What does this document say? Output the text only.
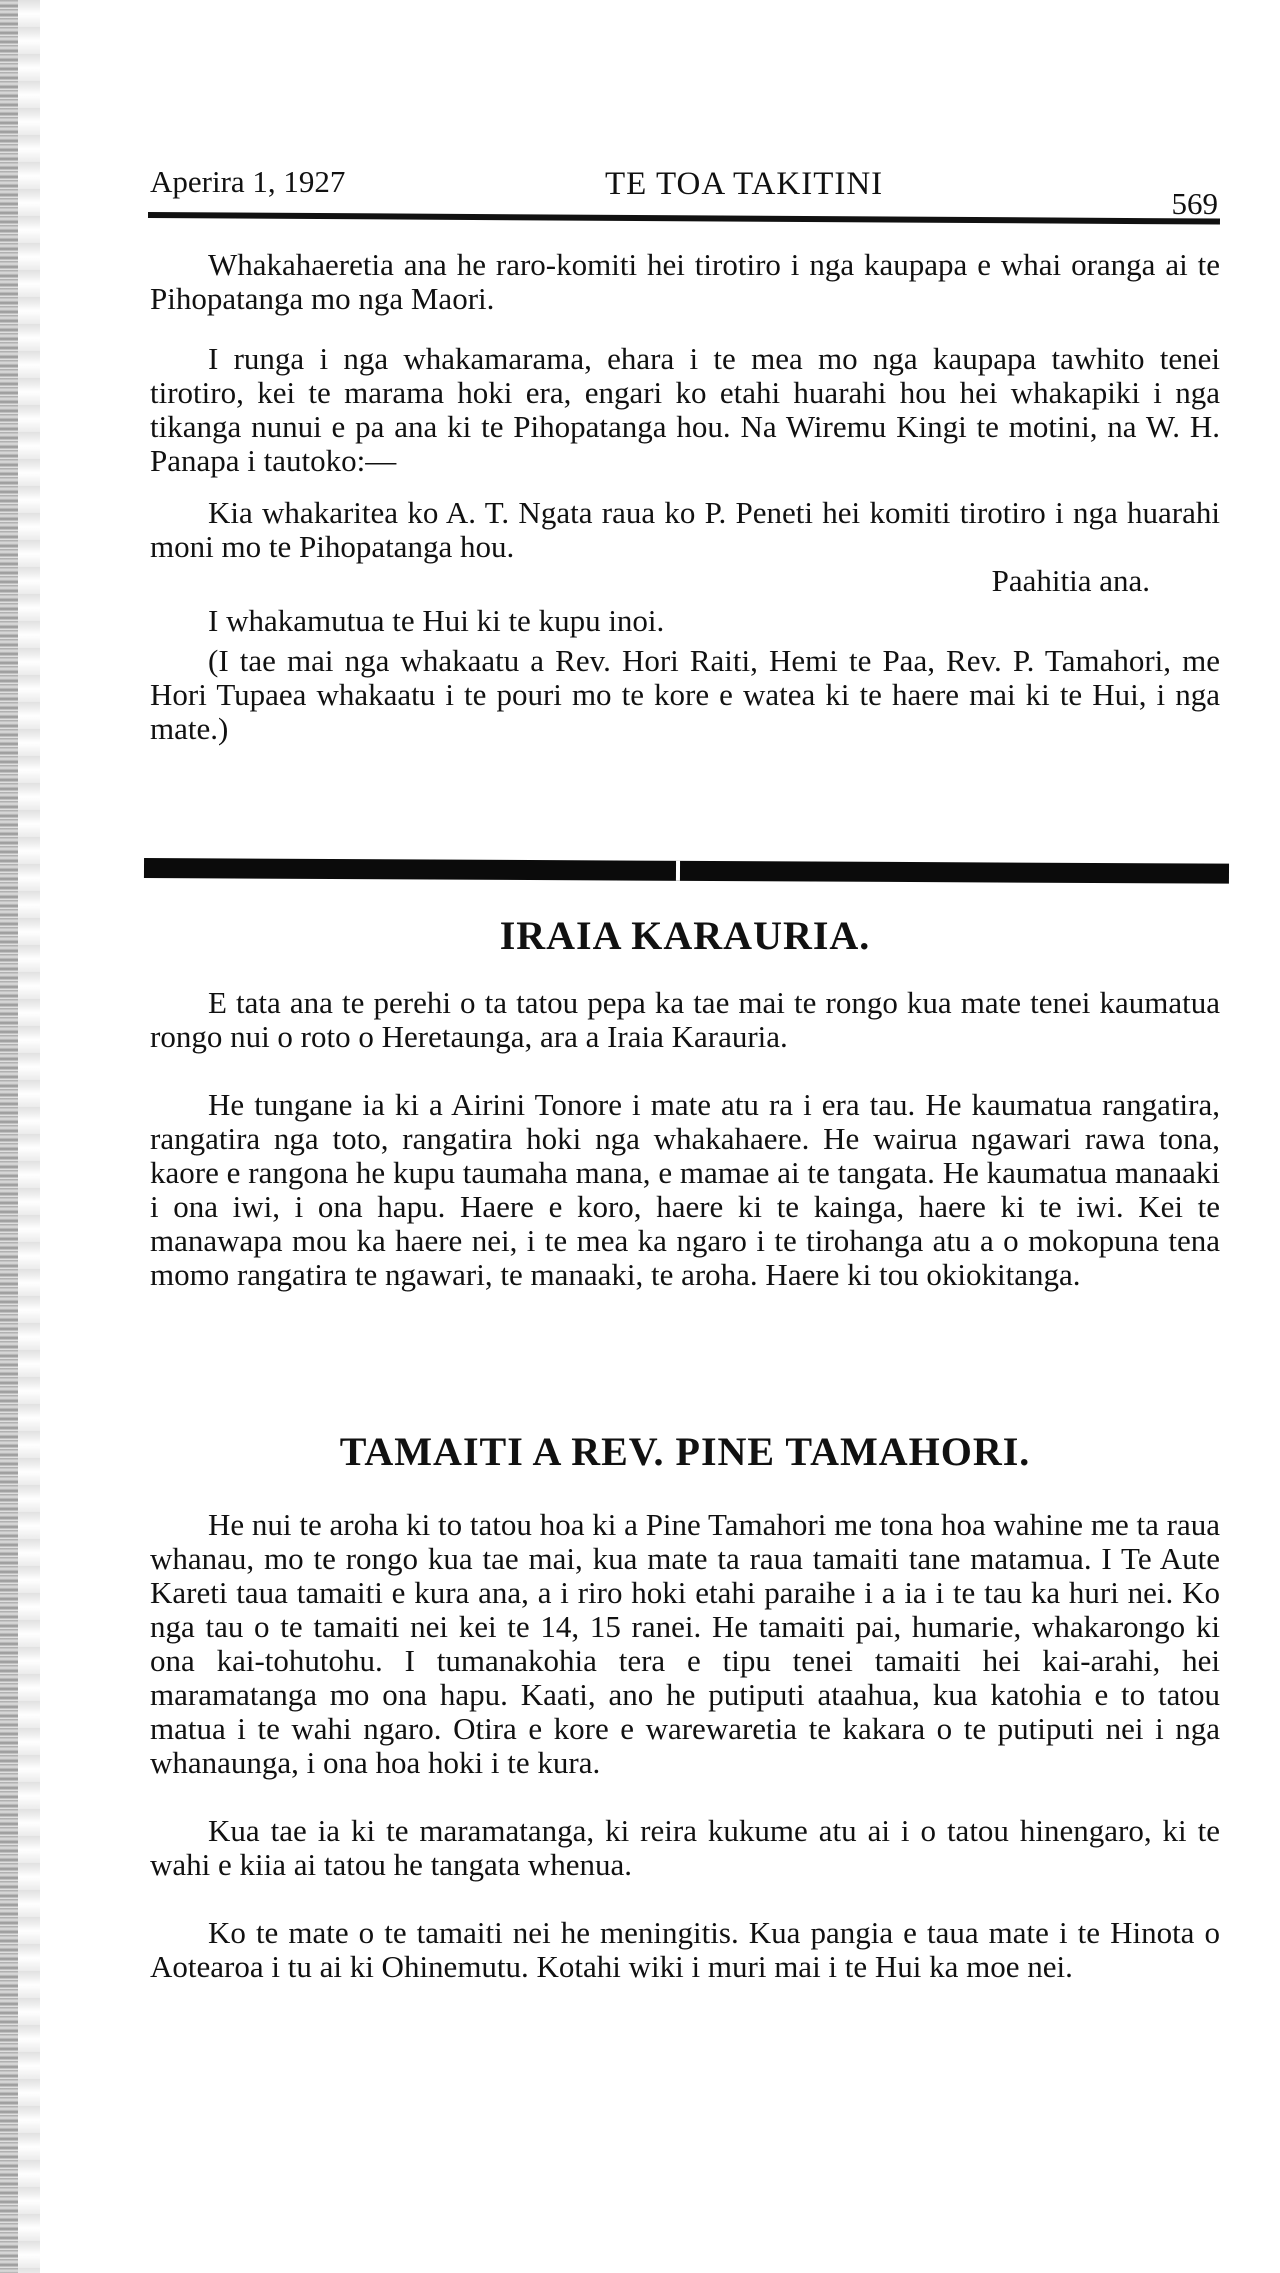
Aperira 1, 1927	TE TOA TAKITINI
569

Whakahaeretia ana he raro-komiti hei tirotiro i nga kaupapa e whai oranga ai te Pihopatanga mo nga Maori.

I runga i nga whakamarama, ehara i te mea mo nga kaupapa tawhito tenei tirotiro, kei te marama hoki era, engari ko etahi huarahi hou hei whakapiki i nga tikanga nunui e pa ana ki te Pihopatanga hou. Na Wiremu Kingi te motini, na W. H. Panapa i tautoko:—

Kia whakaritea ko A. T. Ngata raua ko P. Peneti hei komiti tirotiro i nga huarahi moni mo te Pihopatanga hou.

Paahitia ana.

I whakamutua te Hui ki te kupu inoi.

(I tae mai nga whakaatu a Rev. Hori Raiti, Hemi te Paa, Rev. P. Tamahori, me Hori Tupaea whakaatu i te pouri mo te kore e watea ki te haere mai ki te Hui, i nga mate.)

IRAIA KARAURIA.

E tata ana te perehi o ta tatou pepa ka tae mai te rongo kua mate tenei kaumatua rongo nui o roto o Heretaunga, ara a Iraia Karauria.

He tungane ia ki a Airini Tonore i mate atu ra i era tau. He kaumatua rangatira, rangatira nga toto, rangatira hoki nga whakahaere. He wairua ngawari rawa tona, kaore e rangona he kupu taumaha mana, e mamae ai te tangata. He kaumatua manaaki i ona iwi, i ona hapu. Haere e koro, haere ki te kainga, haere ki te iwi. Kei te manawapa mou ka haere nei, i te mea ka ngaro i te tirohanga atu a o mokopuna tena momo rangatira te ngawari, te manaaki, te aroha. Haere ki tou okiokitanga.

TAMAITI A REV. PINE TAMAHORI.

He nui te aroha ki to tatou hoa ki a Pine Tamahori me tona hoa wahine me ta raua whanau, mo te rongo kua tae mai, kua mate ta raua tamaiti tane matamua. I Te Aute Kareti taua tamaiti e kura ana, a i riro hoki etahi paraihe i a ia i te tau ka huri nei. Ko nga tau o te tamaiti nei kei te 14, 15 ranei. He tamaiti pai, humarie, whakarongo ki ona kai-tohutohu. I tumanakohia tera e tipu tenei tamaiti hei kai-arahi, hei maramatanga mo ona hapu. Kaati, ano he putiputi ataahua, kua katohia e to tatou matua i te wahi ngaro. Otira e kore e warewaretia te kakara o te putiputi nei i nga whanaunga, i ona hoa hoki i te kura.

Kua tae ia ki te maramatanga, ki reira kukume atu ai i o tatou hinengaro, ki te wahi e kiia ai tatou he tangata whenua.

Ko te mate o te tamaiti nei he meningitis. Kua pangia e taua mate i te Hinota o Aotearoa i tu ai ki Ohinemutu. Kotahi wiki i muri mai i te Hui ka moe nei.
